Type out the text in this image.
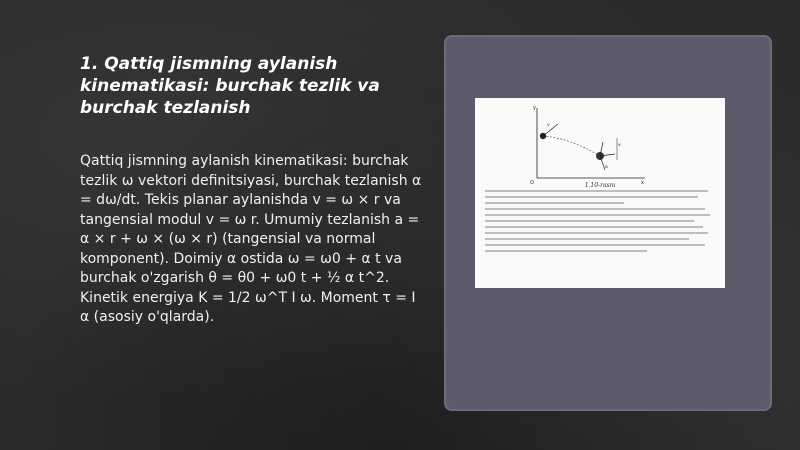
1. Qattiq jismning aylanish kinematikasi: burchak tezlik va burchak tezlanish

Qattiq jismning aylanish kinematikasi: burchak tezlik ω vektori definitsiyasi, burchak tezlanish α = dω/dt. Tekis planar aylanishda v = ω × r va tangensial modul v = ω r. Umumiy tezlanish a = α × r + ω × (ω × r) (tangensial va normal komponent). Doimiy α ostida ω = ω0 + α t va burchak o'zgarish θ = θ0 + ω0 t + ½ α t^2. Kinetik energiya K = 1/2 ω^T I ω. Moment τ = I α (asosiy o'qlarda).

y
x
O
v
v
a
1.10-rasm
